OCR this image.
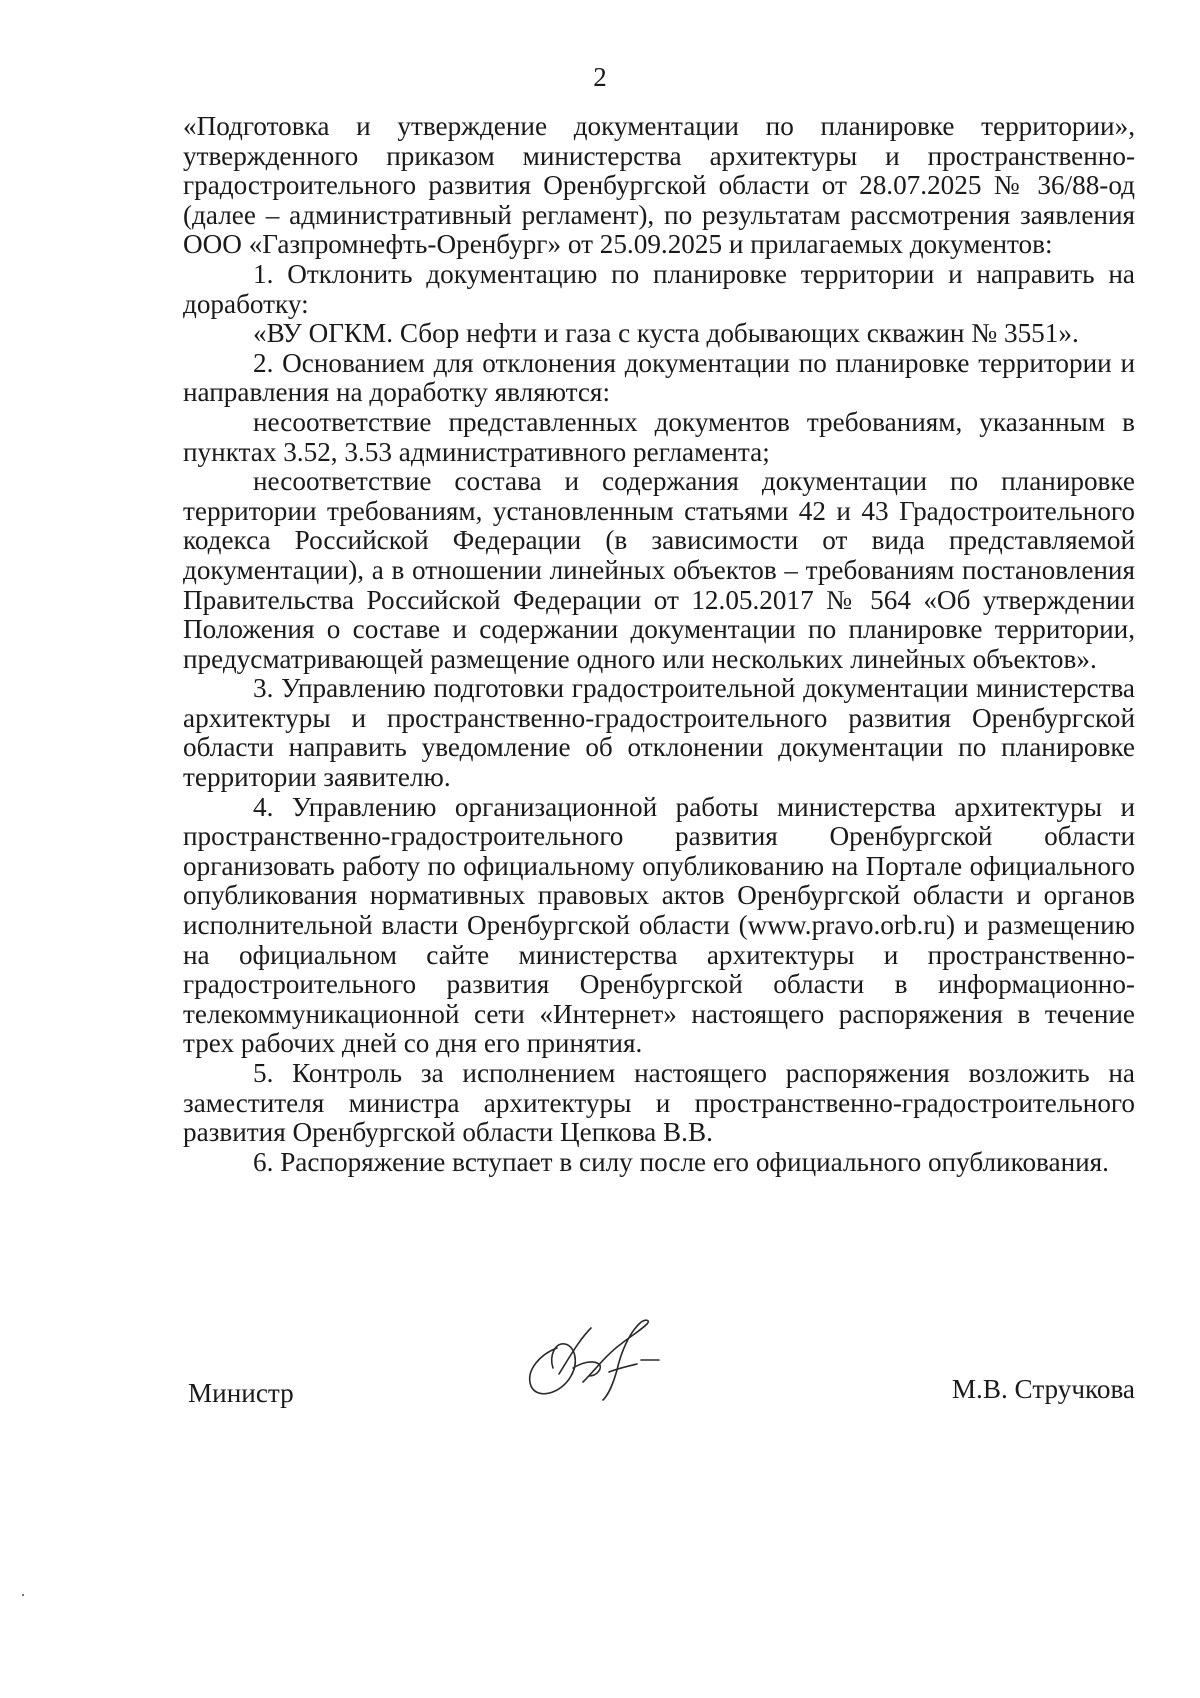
2

«Подготовка и утверждение документации по планировке территории», утвержденного приказом министерства архитектуры и пространственно-градостроительного развития Оренбургской области от 28.07.2025 № 36/88-од (далее – административный регламент), по результатам рассмотрения заявления ООО «Газпромнефть-Оренбург» от 25.09.2025 и прилагаемых документов:

1. Отклонить документацию по планировке территории и направить на доработку:

«ВУ ОГКМ. Сбор нефти и газа с куста добывающих скважин № 3551».

2. Основанием для отклонения документации по планировке территории и направления на доработку являются:

несоответствие представленных документов требованиям, указанным в пунктах 3.52, 3.53 административного регламента;

несоответствие состава и содержания документации по планировке территории требованиям, установленным статьями 42 и 43 Градостроительного кодекса Российской Федерации (в зависимости от вида представляемой документации), а в отношении линейных объектов – требованиям постановления Правительства Российской Федерации от 12.05.2017 № 564 «Об утверждении Положения о составе и содержании документации по планировке территории, предусматривающей размещение одного или нескольких линейных объектов».

3. Управлению подготовки градостроительной документации министерства архитектуры и пространственно-градостроительного развития Оренбургской области направить уведомление об отклонении документации по планировке территории заявителю.

4. Управлению организационной работы министерства архитектуры и пространственно-градостроительного развития Оренбургской области организовать работу по официальному опубликованию на Портале официального опубликования нормативных правовых актов Оренбургской области и органов исполнительной власти Оренбургской области (www.pravo.orb.ru) и размещению на официальном сайте министерства архитектуры и пространственно-градостроительного развития Оренбургской области в информационно-телекоммуникационной сети «Интернет» настоящего распоряжения в течение трех рабочих дней со дня его принятия.

5. Контроль за исполнением настоящего распоряжения возложить на заместителя министра архитектуры и пространственно-градостроительного развития Оренбургской области Цепкова В.В.

6. Распоряжение вступает в силу после его официального опубликования.

Министр	М.В. Стручкова
